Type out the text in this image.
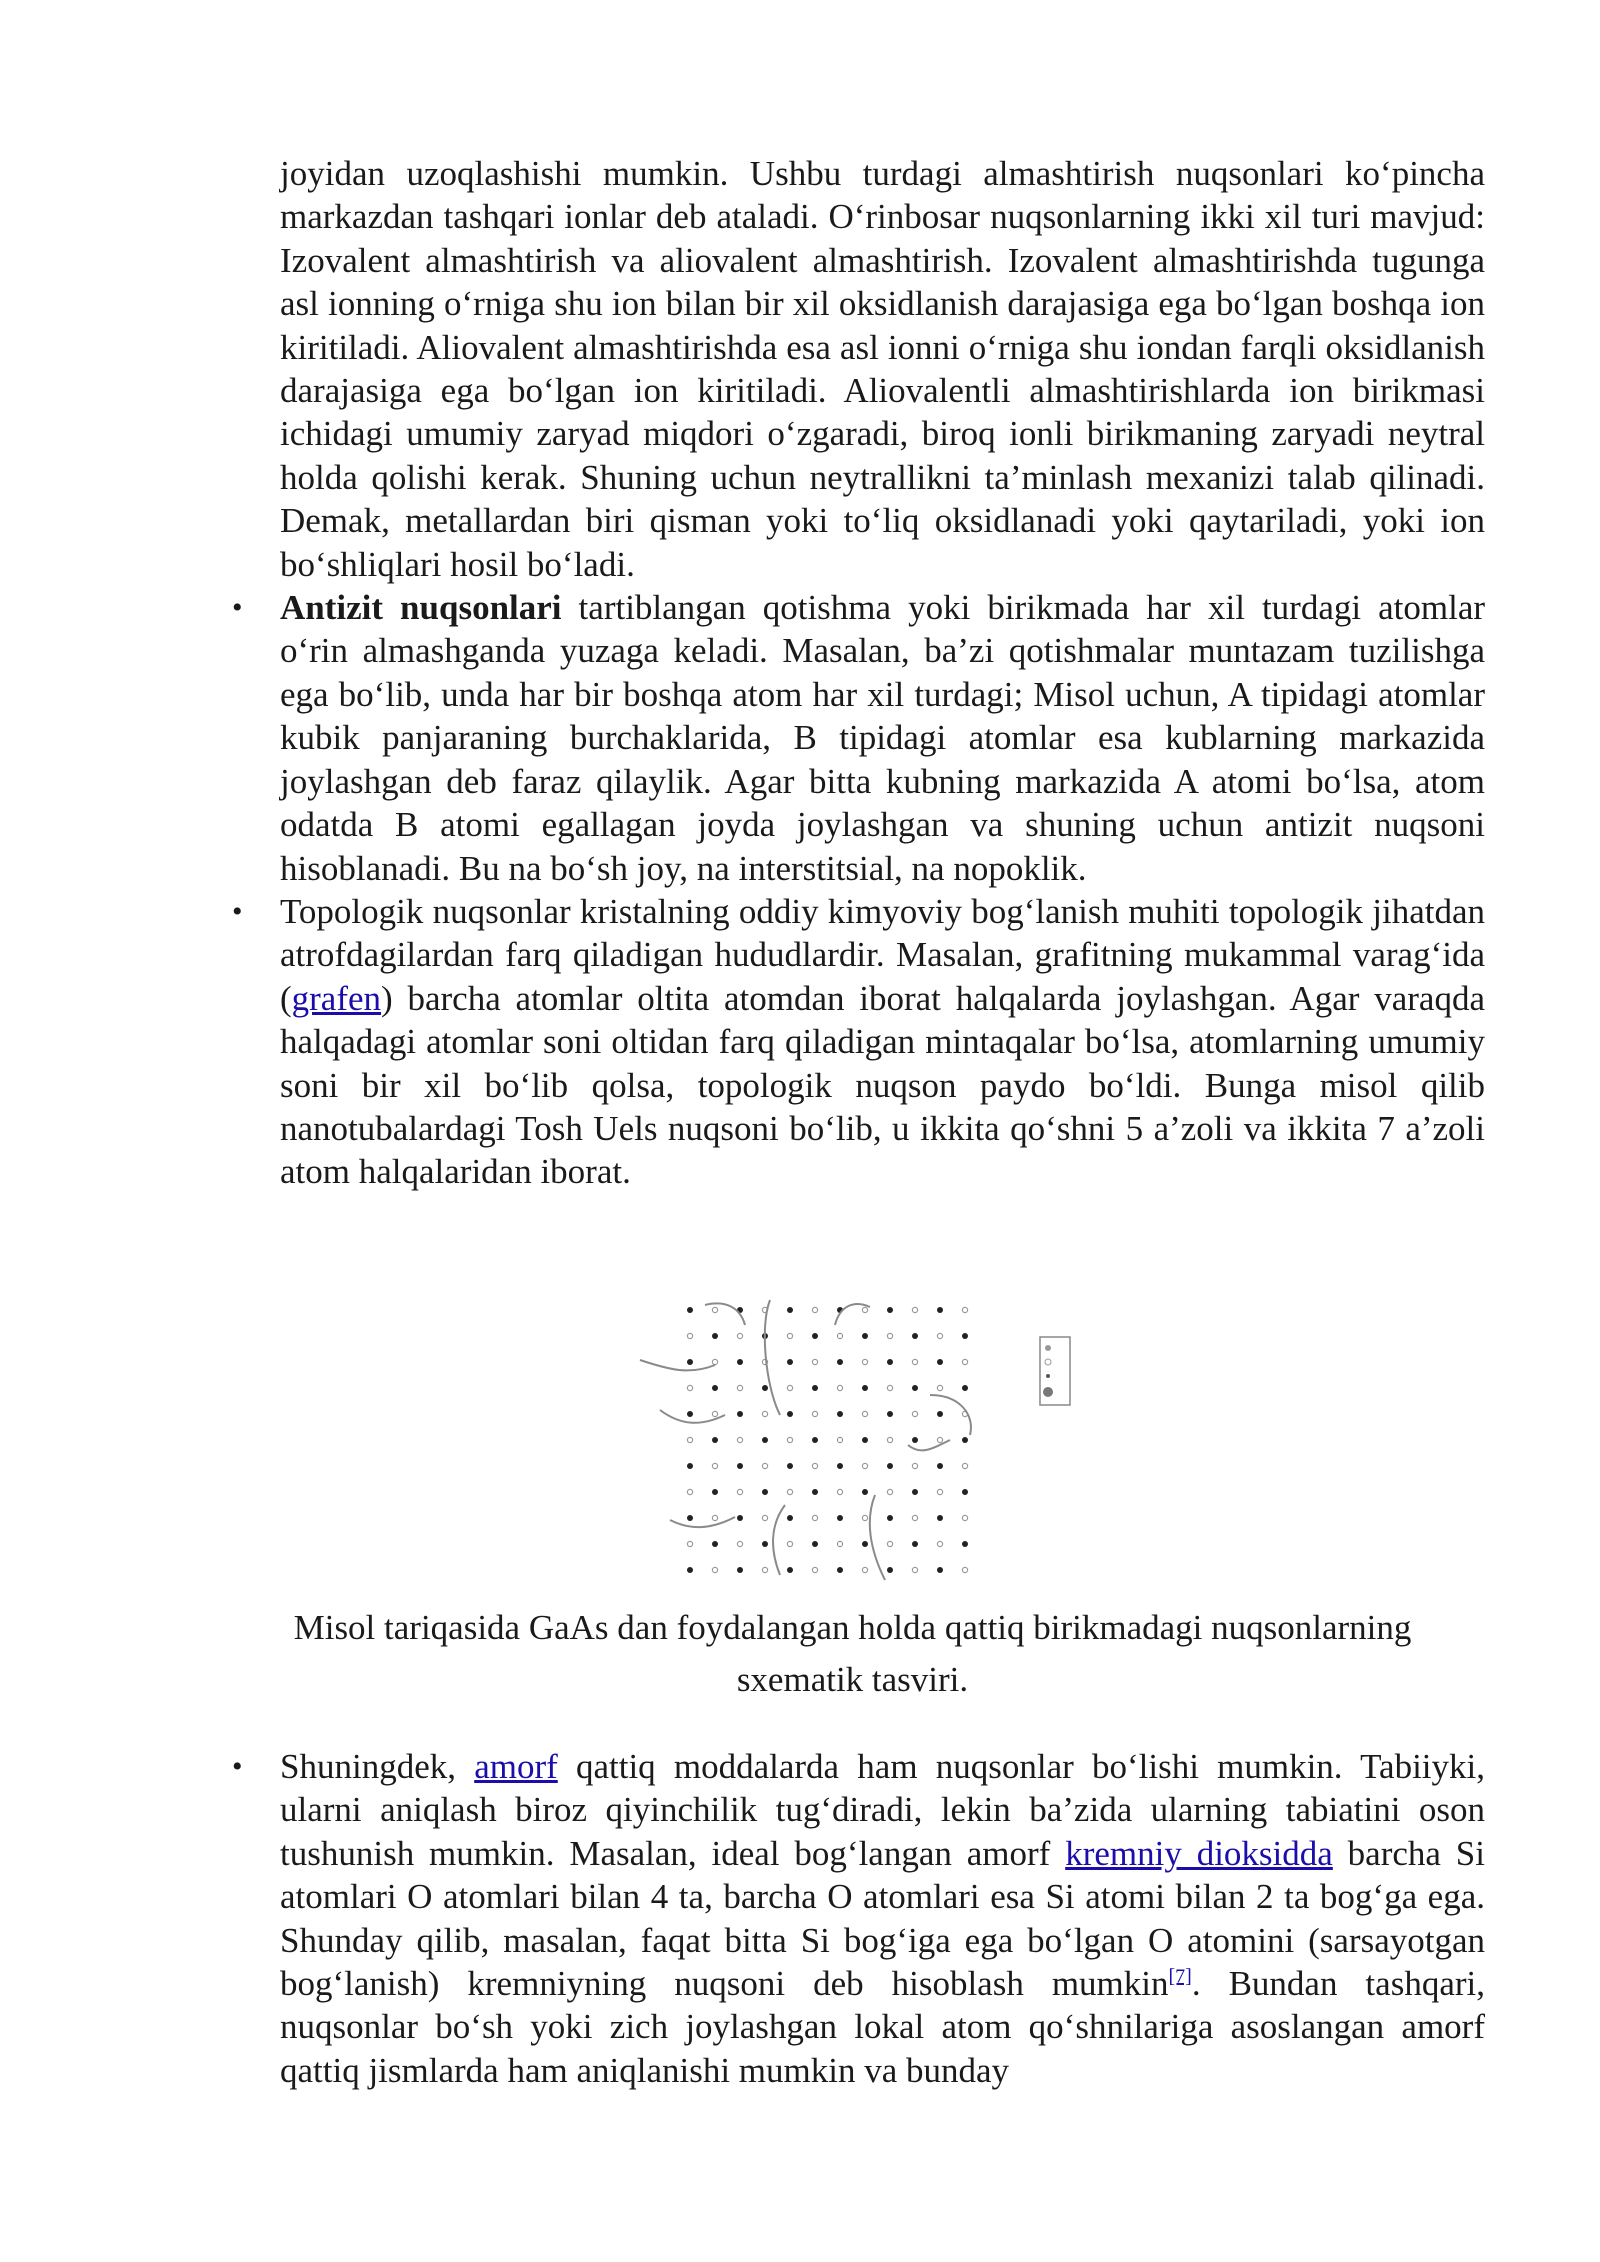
joyidan uzoqlashishi mumkin. Ushbu turdagi almashtirish nuqsonlari koʻpincha markazdan tashqari ionlar deb ataladi. Oʻrinbosar nuqsonlarning ikki xil turi mavjud: Izovalent almashtirish va aliovalent almashtirish. Izovalent almashtirishda tugunga asl ionning oʻrniga shu ion bilan bir xil oksidlanish darajasiga ega boʻlgan boshqa ion kiritiladi. Aliovalent almashtirishda esa asl ionni oʻrniga shu iondan farqli oksidlanish darajasiga ega boʻlgan ion kiritiladi. Aliovalentli almashtirishlarda ion birikmasi ichidagi umumiy zaryad miqdori oʻzgaradi, biroq ionli birikmaning zaryadi neytral holda qolishi kerak. Shuning uchun neytrallikni ta’minlash mexanizi talab qilinadi. Demak, metallardan biri qisman yoki toʻliq oksidlanadi yoki qaytariladi, yoki ion boʻshliqlari hosil boʻladi.

• Antizit nuqsonlari tartiblangan qotishma yoki birikmada har xil turdagi atomlar oʻrin almashganda yuzaga keladi. Masalan, ba’zi qotishmalar muntazam tuzilishga ega boʻlib, unda har bir boshqa atom har xil turdagi; Misol uchun, A tipidagi atomlar kubik panjaraning burchaklarida, B tipidagi atomlar esa kublarning markazida joylashgan deb faraz qilaylik. Agar bitta kubning markazida A atomi boʻlsa, atom odatda B atomi egallagan joyda joylashgan va shuning uchun antizit nuqsoni hisoblanadi. Bu na boʻsh joy, na interstitsial, na nopoklik.
• Topologik nuqsonlar kristalning oddiy kimyoviy bogʻlanish muhiti topologik jihatdan atrofdagilardan farq qiladigan hududlardir. Masalan, grafitning mukammal varagʻida (grafen) barcha atomlar oltita atomdan iborat halqalarda joylashgan. Agar varaqda halqadagi atomlar soni oltidan farq qiladigan mintaqalar boʻlsa, atomlarning umumiy soni bir xil boʻlib qolsa, topologik nuqson paydo boʻldi. Bunga misol qilib nanotubalardagi Tosh Uels nuqsoni boʻlib, u ikkita qoʻshni 5 a’zoli va ikkita 7 a’zoli atom halqalaridan iborat.
Misol tariqasida GaAs dan foydalangan holda qattiq birikmadagi nuqsonlarning sxematik tasviri.
• Shuningdek, amorf qattiq moddalarda ham nuqsonlar boʻlishi mumkin. Tabiiyki, ularni aniqlash biroz qiyinchilik tugʻdiradi, lekin ba’zida ularning tabiatini oson tushunish mumkin. Masalan, ideal bogʻlangan amorf kremniy dioksidda barcha Si atomlari O atomlari bilan 4 ta, barcha O atomlari esa Si atomi bilan 2 ta bogʻga ega. Shunday qilib, masalan, faqat bitta Si bogʻiga ega boʻlgan O atomini (sarsayotgan bogʻlanish) kremniyning nuqsoni deb hisoblash mumkin[7]. Bundan tashqari, nuqsonlar boʻsh yoki zich joylashgan lokal atom qoʻshnilariga asoslangan amorf qattiq jismlarda ham aniqlanishi mumkin va bunday
